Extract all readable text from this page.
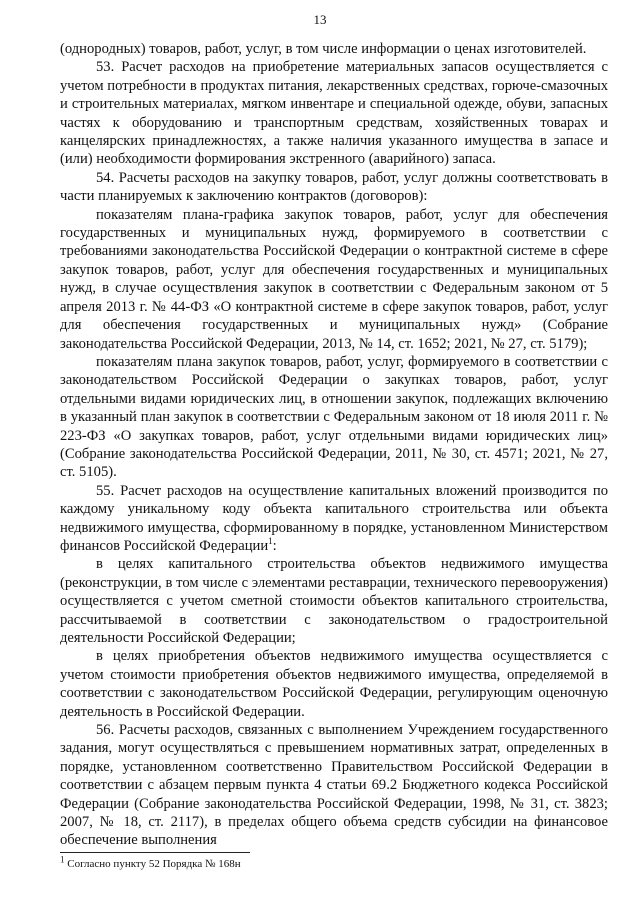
13

(однородных) товаров, работ, услуг, в том числе информации о ценах изготовителей.

53. Расчет расходов на приобретение материальных запасов осуществляется с учетом потребности в продуктах питания, лекарственных средствах, горюче-смазочных и строительных материалах, мягком инвентаре и специальной одежде, обуви, запасных частях к оборудованию и транспортным средствам, хозяйственных товарах и канцелярских принадлежностях, а также наличия указанного имущества в запасе и (или) необходимости формирования экстренного (аварийного) запаса.

54. Расчеты расходов на закупку товаров, работ, услуг должны соответствовать в части планируемых к заключению контрактов (договоров):

показателям плана-графика закупок товаров, работ, услуг для обеспечения государственных и муниципальных нужд, формируемого в соответствии с требованиями законодательства Российской Федерации о контрактной системе в сфере закупок товаров, работ, услуг для обеспечения государственных и муниципальных нужд, в случае осуществления закупок в соответствии с Федеральным законом от 5 апреля 2013 г. № 44-ФЗ «О контрактной системе в сфере закупок товаров, работ, услуг для обеспечения государственных и муниципальных нужд» (Собрание законодательства Российской Федерации, 2013, № 14, ст. 1652; 2021, № 27, ст. 5179);

показателям плана закупок товаров, работ, услуг, формируемого в соответствии с законодательством Российской Федерации о закупках товаров, работ, услуг отдельными видами юридических лиц, в отношении закупок, подлежащих включению в указанный план закупок в соответствии с Федеральным законом от 18 июля 2011 г. № 223-ФЗ «О закупках товаров, работ, услуг отдельными видами юридических лиц» (Собрание законодательства Российской Федерации, 2011, № 30, ст. 4571; 2021, № 27, ст. 5105).

55. Расчет расходов на осуществление капитальных вложений производится по каждому уникальному коду объекта капитального строительства или объекта недвижимого имущества, сформированному в порядке, установленном Министерством финансов Российской Федерации$^1$:

в целях капитального строительства объектов недвижимого имущества (реконструкции, в том числе с элементами реставрации, технического перевооружения) осуществляется с учетом сметной стоимости объектов капитального строительства, рассчитываемой в соответствии с законодательством о градостроительной деятельности Российской Федерации;

в целях приобретения объектов недвижимого имущества осуществляется с учетом стоимости приобретения объектов недвижимого имущества, определяемой в соответствии с законодательством Российской Федерации, регулирующим оценочную деятельность в Российской Федерации.

56. Расчеты расходов, связанных с выполнением Учреждением государственного задания, могут осуществляться с превышением нормативных затрат, определенных в порядке, установленном соответственно Правительством Российской Федерации в соответствии с абзацем первым пункта 4 статьи 69.2 Бюджетного кодекса Российской Федерации (Собрание законодательства Российской Федерации, 1998, № 31, ст. 3823; 2007, № 18, ст. 2117), в пределах общего объема средств субсидии на финансовое обеспечение выполнения

$^1$ Согласно пункту 52 Порядка № 168н
